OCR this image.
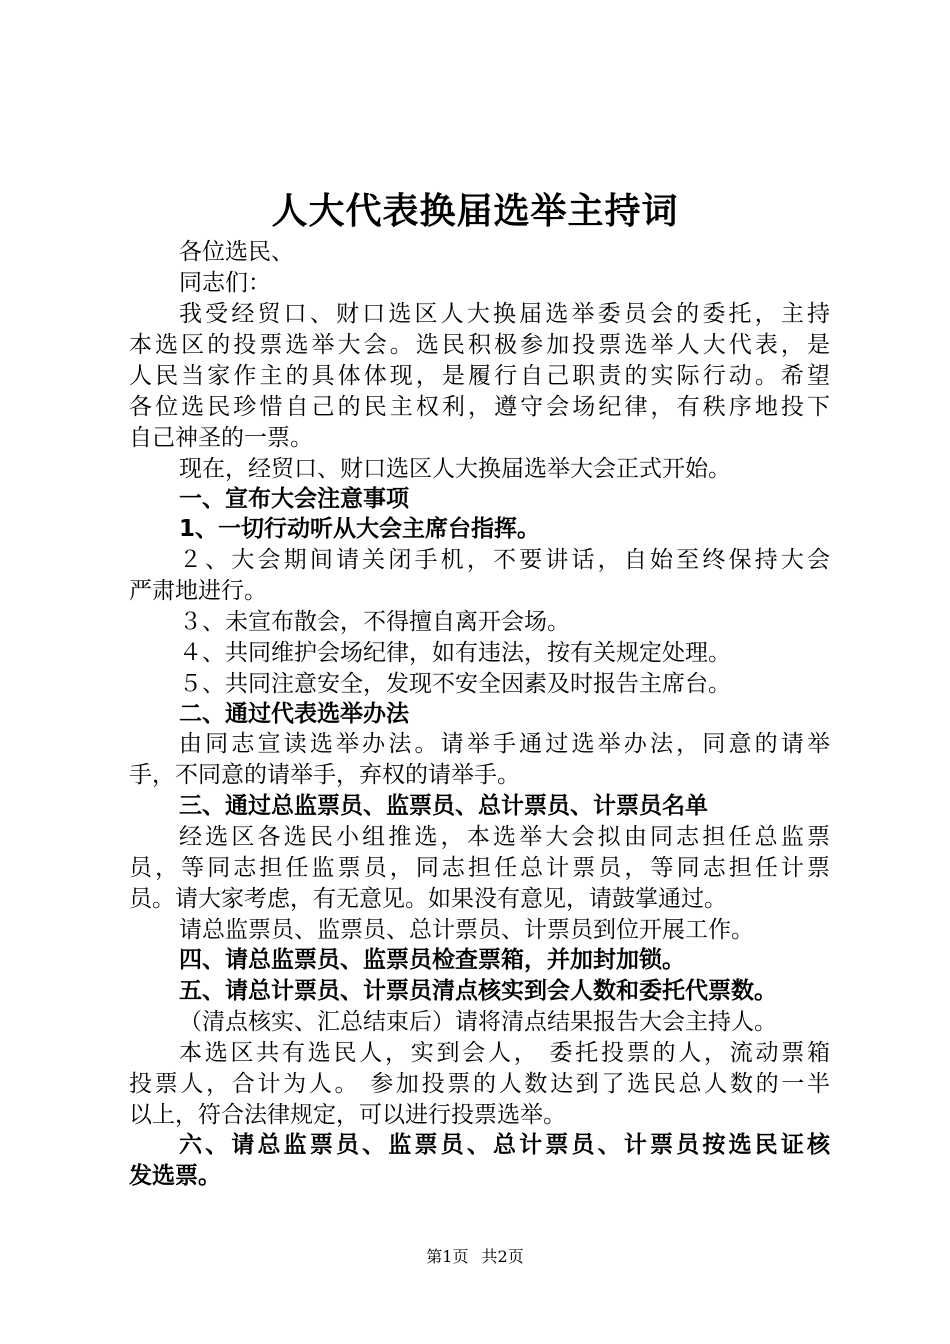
人大代表换届选举主持词

各位选民、

同志们：

我受经贸口、财口选区人大换届选举委员会的委托，主持

本选区的投票选举大会。选民积极参加投票选举人大代表，是

人民当家作主的具体体现，是履行自己职责的实际行动。希望

各位选民珍惜自己的民主权利，遵守会场纪律，有秩序地投下

自己神圣的一票。

现在，经贸口、财口选区人大换届选举大会正式开始。

一、宣布大会注意事项

1、一切行动听从大会主席台指挥。

２、大会期间请关闭手机，不要讲话，自始至终保持大会

严肃地进行。

３、未宣布散会，不得擅自离开会场。

４、共同维护会场纪律，如有违法，按有关规定处理。

５、共同注意安全，发现不安全因素及时报告主席台。

二、通过代表选举办法

由同志宣读选举办法。请举手通过选举办法，同意的请举

手，不同意的请举手，弃权的请举手。

三、通过总监票员、监票员、总计票员、计票员名单

经选区各选民小组推选，本选举大会拟由同志担任总监票

员，等同志担任监票员，同志担任总计票员，等同志担任计票

员。请大家考虑，有无意见。如果没有意见，请鼓掌通过。

请总监票员、监票员、总计票员、计票员到位开展工作。

四、请总监票员、监票员检查票箱，并加封加锁。

五、请总计票员、计票员清点核实到会人数和委托代票数。

（清点核实、汇总结束后）请将清点结果报告大会主持人。

本选区共有选民人，实到会人， 委托投票的人，流动票箱

投票人，合计为人。 参加投票的人数达到了选民总人数的一半

以上，符合法律规定，可以进行投票选举。

六、请总监票员、监票员、总计票员、计票员按选民证核

发选票。

第1页 共2页
